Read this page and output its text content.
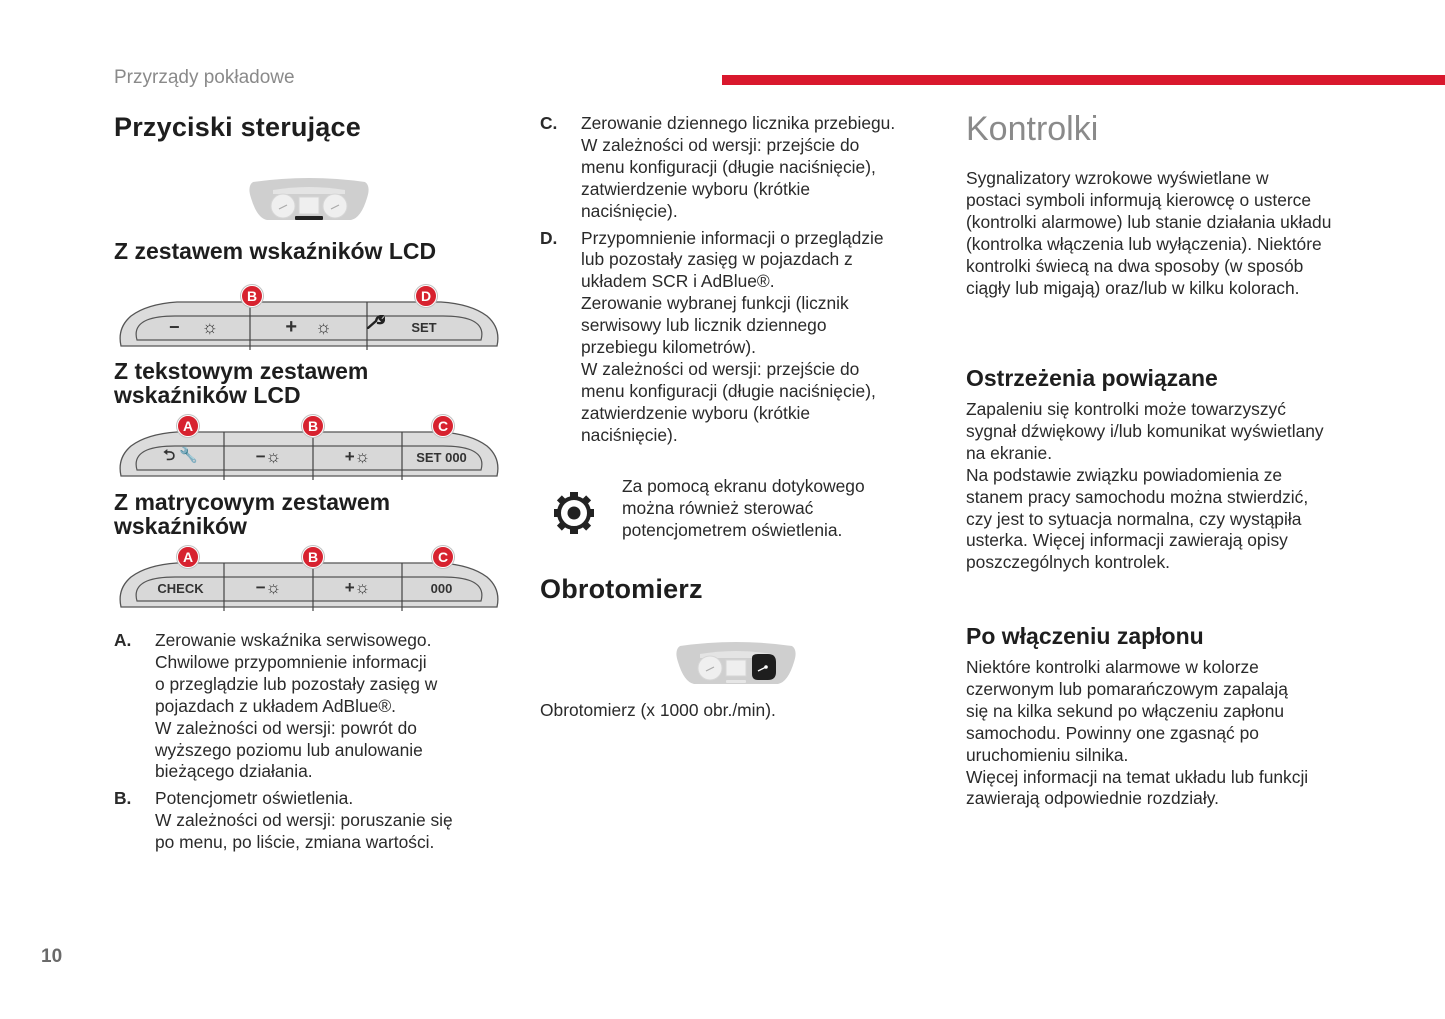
Przyrządy pokładowe
Przyciski sterujące
Z zestawem wskaźników LCD
− ☼	+ ☼	SET
B	D
Z tekstowym zestawem
wskaźników LCD
⮌ 🔧	−☼	+☼	SET 000
A	B	C
Z matrycowym zestawem
wskaźników
CHECK	−☼	+☼	000
A	B	C
A.	Zerowanie wskaźnika serwisowego.
Chwilowe przypomnienie informacji
o przeglądzie lub pozostały zasięg w
pojazdach z układem AdBlue®.
W zależności od wersji: powrót do
wyższego poziomu lub anulowanie
bieżącego działania.
B.	Potencjometr oświetlenia.
W zależności od wersji: poruszanie się
po menu, po liście, zmiana wartości.
C.	Zerowanie dziennego licznika przebiegu.
W zależności od wersji: przejście do
menu konfiguracji (długie naciśnięcie),
zatwierdzenie wyboru (krótkie
naciśnięcie).
D.	Przypomnienie informacji o przeglądzie
lub pozostały zasięg w pojazdach z
układem SCR i AdBlue®.
Zerowanie wybranej funkcji (licznik
serwisowy lub licznik dziennego
przebiegu kilometrów).
W zależności od wersji: przejście do
menu konfiguracji (długie naciśnięcie),
zatwierdzenie wyboru (krótkie
naciśnięcie).
Za pomocą ekranu dotykowego
można również sterować
potencjometrem oświetlenia.
Obrotomierz
Obrotomierz (x 1000 obr./min).
Kontrolki
Sygnalizatory wzrokowe wyświetlane w
postaci symboli informują kierowcę o usterce
(kontrolki alarmowe) lub stanie działania układu
(kontrolka włączenia lub wyłączenia). Niektóre
kontrolki świecą na dwa sposoby (w sposób
ciągły lub migają) oraz/lub w kilku kolorach.
Ostrzeżenia powiązane
Zapaleniu się kontrolki może towarzyszyć
sygnał dźwiękowy i/lub komunikat wyświetlany
na ekranie.
Na podstawie związku powiadomienia ze
stanem pracy samochodu można stwierdzić,
czy jest to sytuacja normalna, czy wystąpiła
usterka. Więcej informacji zawierają opisy
poszczególnych kontrolek.
Po włączeniu zapłonu
Niektóre kontrolki alarmowe w kolorze
czerwonym lub pomarańczowym zapalają
się na kilka sekund po włączeniu zapłonu
samochodu. Powinny one zgasnąć po
uruchomieniu silnika.
Więcej informacji na temat układu lub funkcji
zawierają odpowiednie rozdziały.
10
